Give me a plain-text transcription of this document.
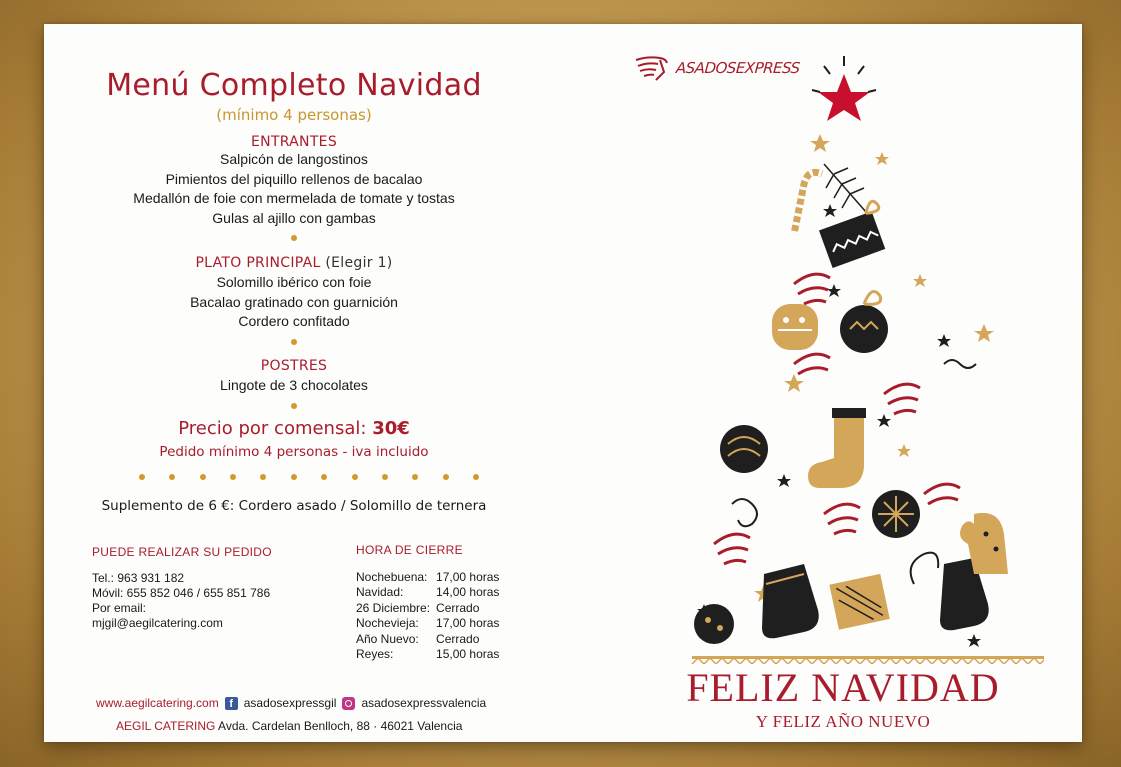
Menú Completo Navidad
(mínimo 4 personas)
ENTRANTES
Salpicón de langostinos
Pimientos del piquillo rellenos de bacalao
Medallón de foie con mermelada de tomate y tostas
Gulas al ajillo con gambas
PLATO PRINCIPAL (Elegir 1)
Solomillo ibérico con foie
Bacalao gratinado con guarnición
Cordero confitado
POSTRES
Lingote de 3 chocolates
Precio por comensal: 30€
Pedido mínimo 4 personas - iva incluido
Suplemento de 6 €: Cordero asado / Solomillo de ternera
PUEDE REALIZAR SU PEDIDO
Tel.: 963 931 182
Móvil: 655 852 046 / 655 851 786
Por email:
mjgil@aegilcatering.com
HORA DE CIERRE
Nochebuena:	17,00 horas
Navidad:	14,00 horas
26 Diciembre:	Cerrado
Nochevieja:	17,00 horas
Año Nuevo:	Cerrado
Reyes:	15,00 horas
www.aegilcatering.com f asadosexpressgil asadosexpressvalencia
AEGIL CATERING Avda. Cardelan Benlloch, 88 · 46021 Valencia
ASADOSEXPRESS
FELIZ NAVIDAD
Y FELIZ AÑO NUEVO
